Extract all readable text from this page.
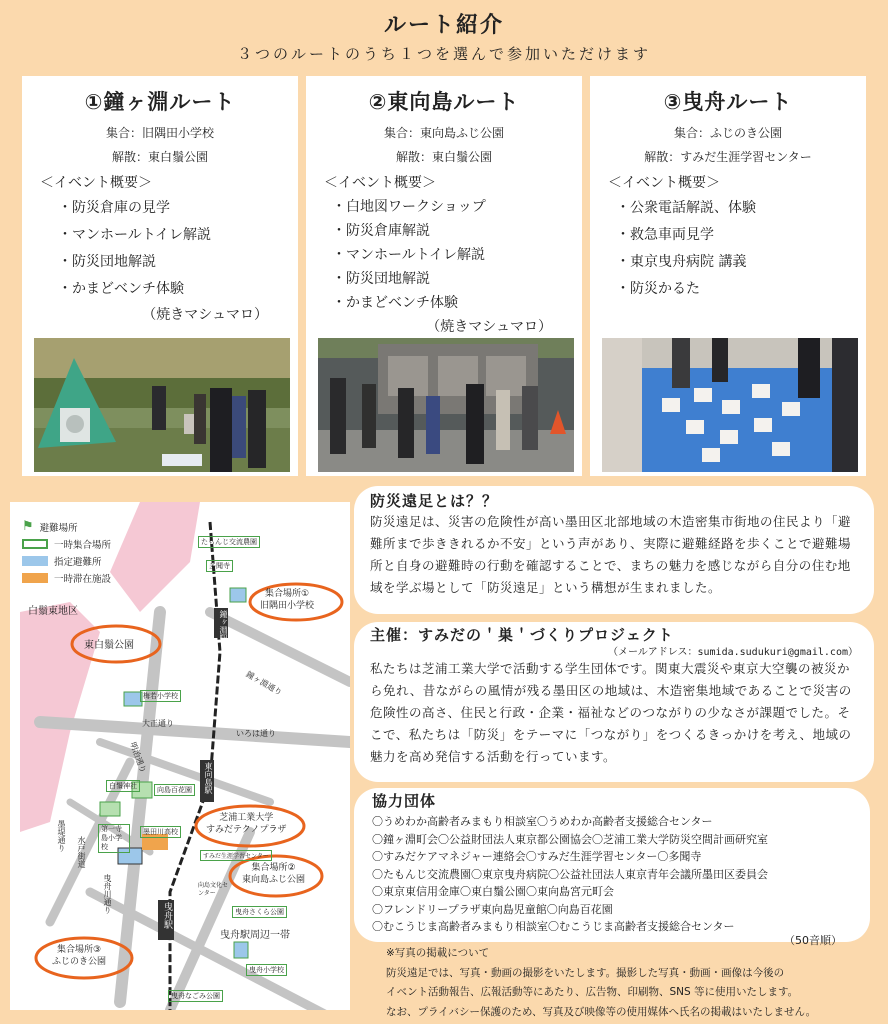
ルート紹介
３つのルートのうち１つを選んで参加いただけます
①鐘ヶ淵ルート
集合：旧隅田小学校
解散：東白鬚公園
＜イベント概要＞
・防災倉庫の見学
・マンホールトイレ解説
・防災団地解説
・かまどベンチ体験
（焼きマシュマロ）
②東向島ルート
集合：東向島ふじ公園
解散：東白鬚公園
＜イベント概要＞
・白地図ワークショップ
・防災倉庫解説
・マンホールトイレ解説
・防災団地解説
・かまどベンチ体験
（焼きマシュマロ）
③曳舟ルート
集合：ふじのき公園
解散：すみだ生涯学習センター
＜イベント概要＞
・公衆電話解説、体験
・救急車両見学
・東京曳舟病院 講義
・防災かるた
⚑ 避難場所
一時集合場所
指定避難所
一時滞在施設
白鬚東地区
東白鬚公園
集合場所①
旧隅田小学校
集合場所②
東向島ふじ公園
集合場所③
ふじのき公園
芝浦工業大学
すみだテクノプラザ
鐘ヶ淵駅
東向島駅
曳舟駅
鐘ヶ淵通り
大正通り
いろは通り
曳舟駅周辺一帯
明治通り
墨堤通り 水戸街道
曳舟川通り
たもんじ交流農園
多聞寺
梅若小学校
白鬚神社	向島百花園
第一寺島小学校
墨田川高校
すみだ生涯学習センター
向島文化センター
曳舟さくら公園
曳舟小学校
曳舟なごみ公園
防災遠足とは？？

防災遠足は、災害の危険性が高い墨田区北部地域の木造密集市街地の住民より「避難所まで歩ききれるか不安」という声があり、実際に避難経路を歩くことで避難場所と自身の避難時の行動を確認することで、まちの魅力を感じながら自分の住む地域を学ぶ場として「防災遠足」という構想が生まれました。

主催：すみだの＇巣＇づくりプロジェクト
（メールアドレス：sumida.sudukuri@gmail.com）

私たちは芝浦工業大学で活動する学生団体です。関東大震災や東京大空襲の被災から免れ、昔ながらの風情が残る墨田区の地域は、木造密集地域であることで災害の危険性の高さ、住民と行政・企業・福祉などのつながりの少なさが課題でした。そこで、私たちは「防災」をテーマに「つながり」をつくるきっかけを考え、地域の魅力を高め発信する活動を行っています。

協力団体
〇うめわか高齢者みまもり相談室〇うめわか高齢者支援総合センター
〇鐘ヶ淵町会〇公益財団法人東京都公園協会〇芝浦工業大学防災空間計画研究室
〇すみだケアマネジャー連絡会〇すみだ生涯学習センター〇多聞寺
〇たもんじ交流農園〇東京曳舟病院〇公益社団法人東京青年会議所墨田区委員会
〇東京東信用金庫〇東白鬚公園〇東向島宮元町会
〇フレンドリープラザ東向島児童館〇向島百花園
〇むこうじま高齢者みまもり相談室〇むこうじま高齢者支援総合センター
（50音順）
※写真の掲載について
防災遠足では、写真・動画の撮影をいたします。撮影した写真・動画・画像は今後の
イベント活動報告、広報活動等にあたり、広告物、印刷物、SNS 等に使用いたします。
なお、プライバシー保護のため、写真及び映像等の使用媒体へ氏名の掲載はいたしません。
